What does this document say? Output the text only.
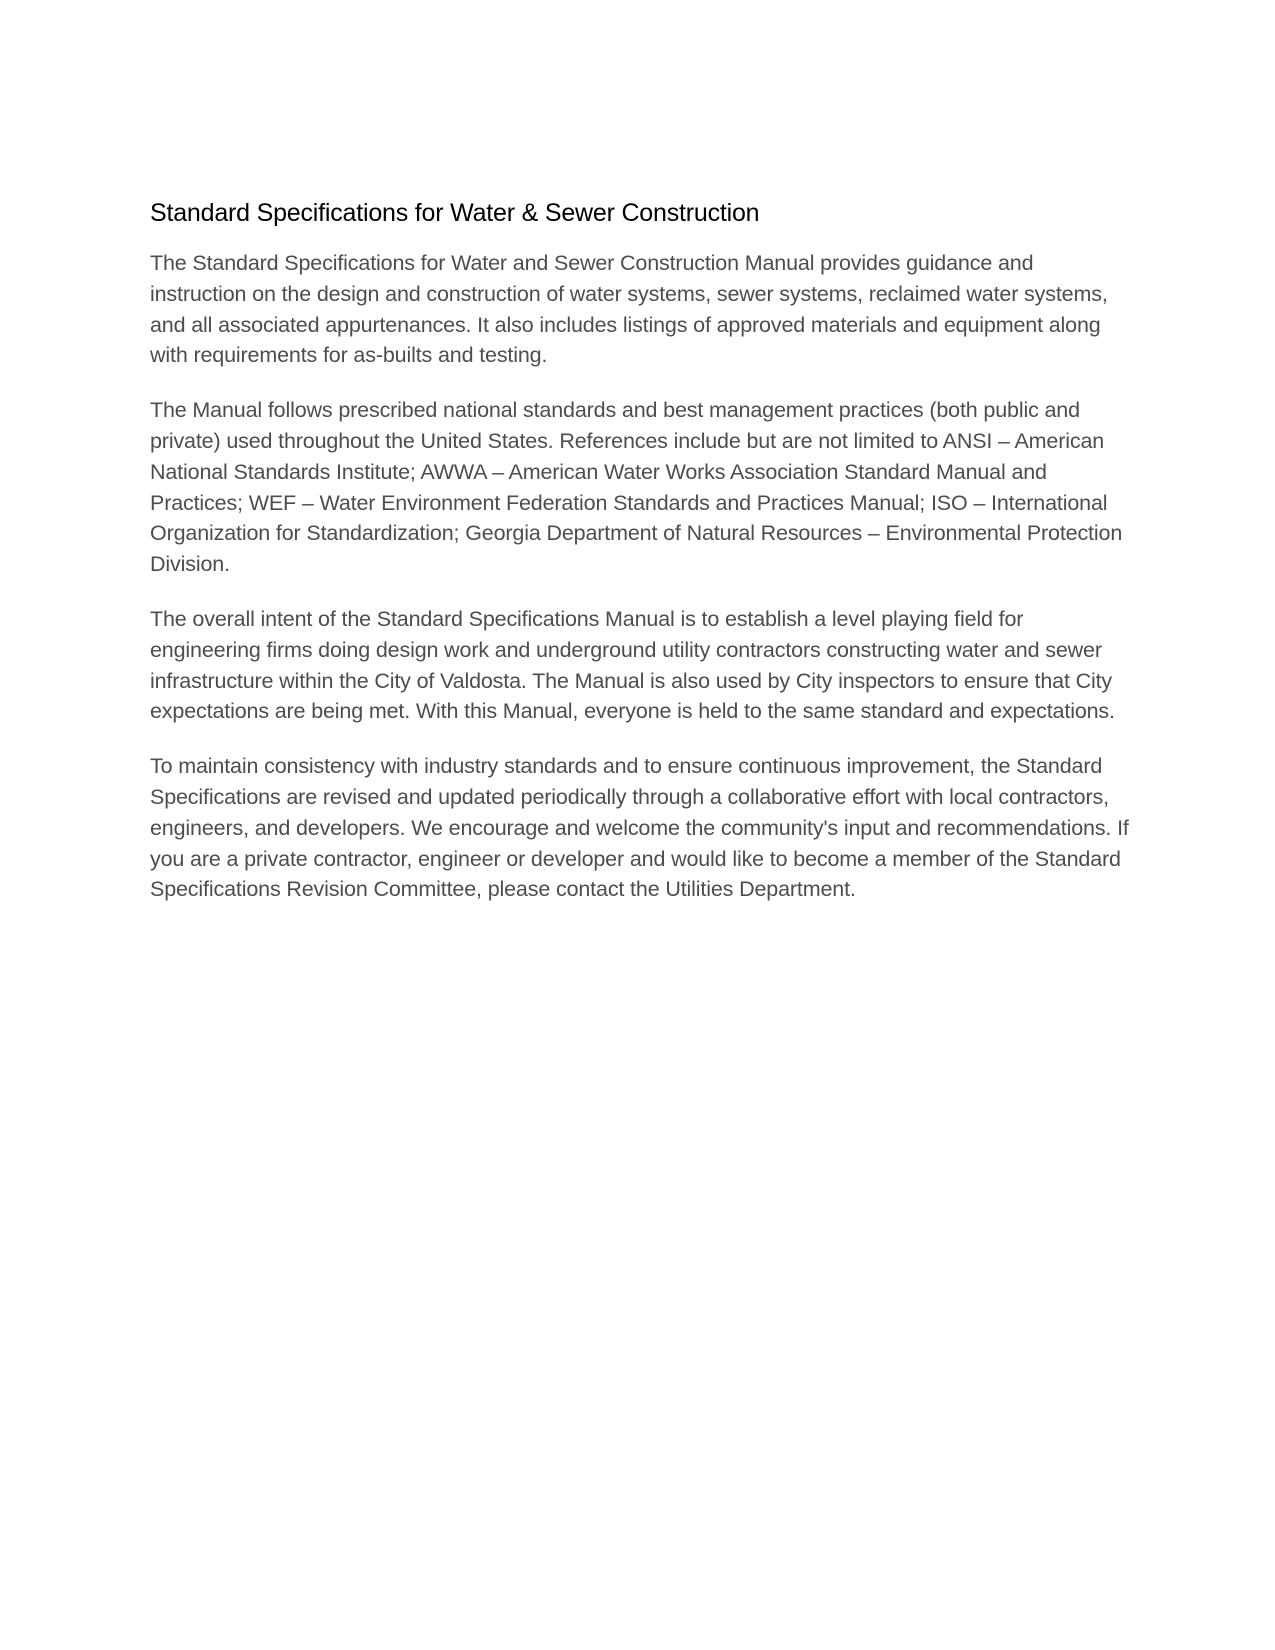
Standard Specifications for Water & Sewer Construction

The Standard Specifications for Water and Sewer Construction Manual provides guidance and instruction on the design and construction of water systems, sewer systems, reclaimed water systems, and all associated appurtenances. It also includes listings of approved materials and equipment along with requirements for as-builts and testing.

The Manual follows prescribed national standards and best management practices (both public and private) used throughout the United States. References include but are not limited to ANSI – American National Standards Institute; AWWA – American Water Works Association Standard Manual and Practices; WEF – Water Environment Federation Standards and Practices Manual; ISO – International Organization for Standardization; Georgia Department of Natural Resources – Environmental Protection Division.

The overall intent of the Standard Specifications Manual is to establish a level playing field for engineering firms doing design work and underground utility contractors constructing water and sewer infrastructure within the City of Valdosta. The Manual is also used by City inspectors to ensure that City expectations are being met. With this Manual, everyone is held to the same standard and expectations.

To maintain consistency with industry standards and to ensure continuous improvement, the Standard Specifications are revised and updated periodically through a collaborative effort with local contractors, engineers, and developers. We encourage and welcome the community's input and recommendations. If you are a private contractor, engineer or developer and would like to become a member of the Standard Specifications Revision Committee, please contact the Utilities Department.
